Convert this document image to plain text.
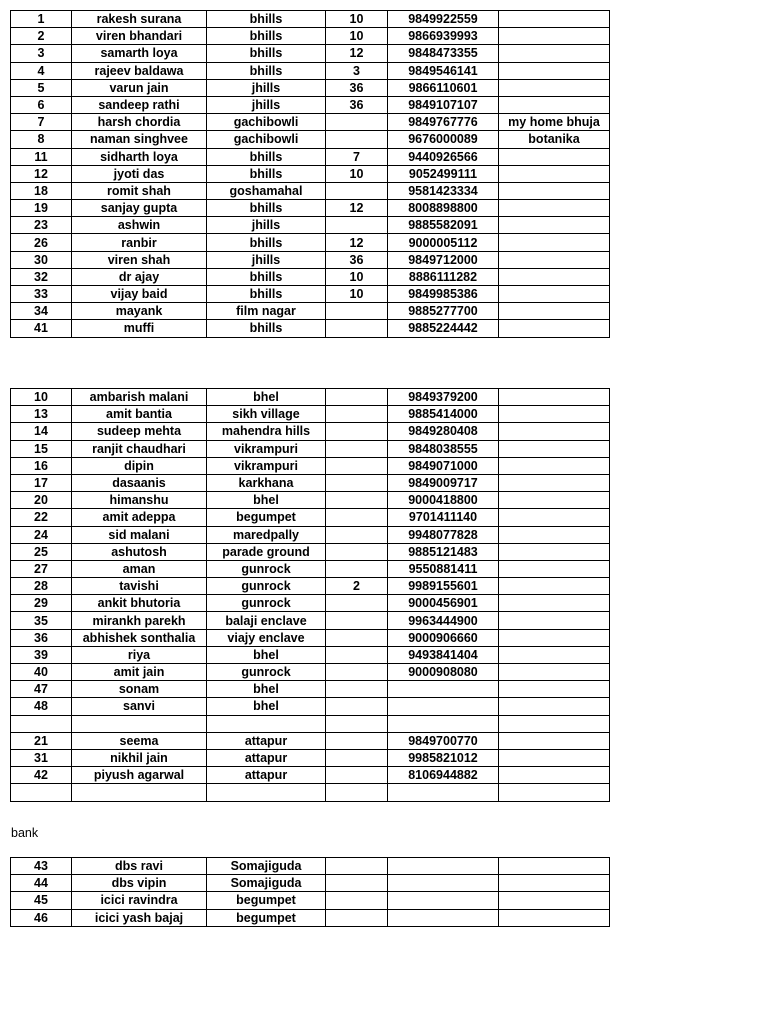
1	rakesh surana	bhills	10	9849922559	
2	viren bhandari	bhills	10	9866939993	
3	samarth loya	bhills	12	9848473355	
4	rajeev baldawa	bhills	3	9849546141	
5	varun jain	jhills	36	9866110601	
6	sandeep rathi	jhills	36	9849107107	
7	harsh chordia	gachibowli		9849767776	my home bhuja
8	naman singhvee	gachibowli		9676000089	botanika
11	sidharth loya	bhills	7	9440926566	
12	jyoti das	bhills	10	9052499111	
18	romit shah	goshamahal		9581423334	
19	sanjay gupta	bhills	12	8008898800	
23	ashwin	jhills		9885582091	
26	ranbir	bhills	12	9000005112	
30	viren shah	jhills	36	9849712000	
32	dr ajay	bhills	10	8886111282	
33	vijay baid	bhills	10	9849985386	
34	mayank	film nagar		9885277700	
41	muffi	bhills		9885224442	
10	ambarish malani	bhel		9849379200	
13	amit bantia	sikh village		9885414000	
14	sudeep mehta	mahendra hills		9849280408	
15	ranjit chaudhari	vikrampuri		9848038555	
16	dipin	vikrampuri		9849071000	
17	dasaanis	karkhana		9849009717	
20	himanshu	bhel		9000418800	
22	amit adeppa	begumpet		9701411140	
24	sid malani	maredpally		9948077828	
25	ashutosh	parade ground		9885121483	
27	aman	gunrock		9550881411	
28	tavishi	gunrock	2	9989155601	
29	ankit bhutoria	gunrock		9000456901	
35	mirankh parekh	balaji enclave		9963444900	
36	abhishek sonthalia	viajy enclave		9000906660	
39	riya	bhel		9493841404	
40	amit jain	gunrock		9000908080	
47	sonam	bhel			
48	sanvi	bhel			

21	seema	attapur		9849700770	
31	nikhil jain	attapur		9985821012	
42	piyush agarwal	attapur		8106944882	

bank
43	dbs ravi	Somajiguda			
44	dbs vipin	Somajiguda			
45	icici ravindra	begumpet			
46	icici yash bajaj	begumpet			
